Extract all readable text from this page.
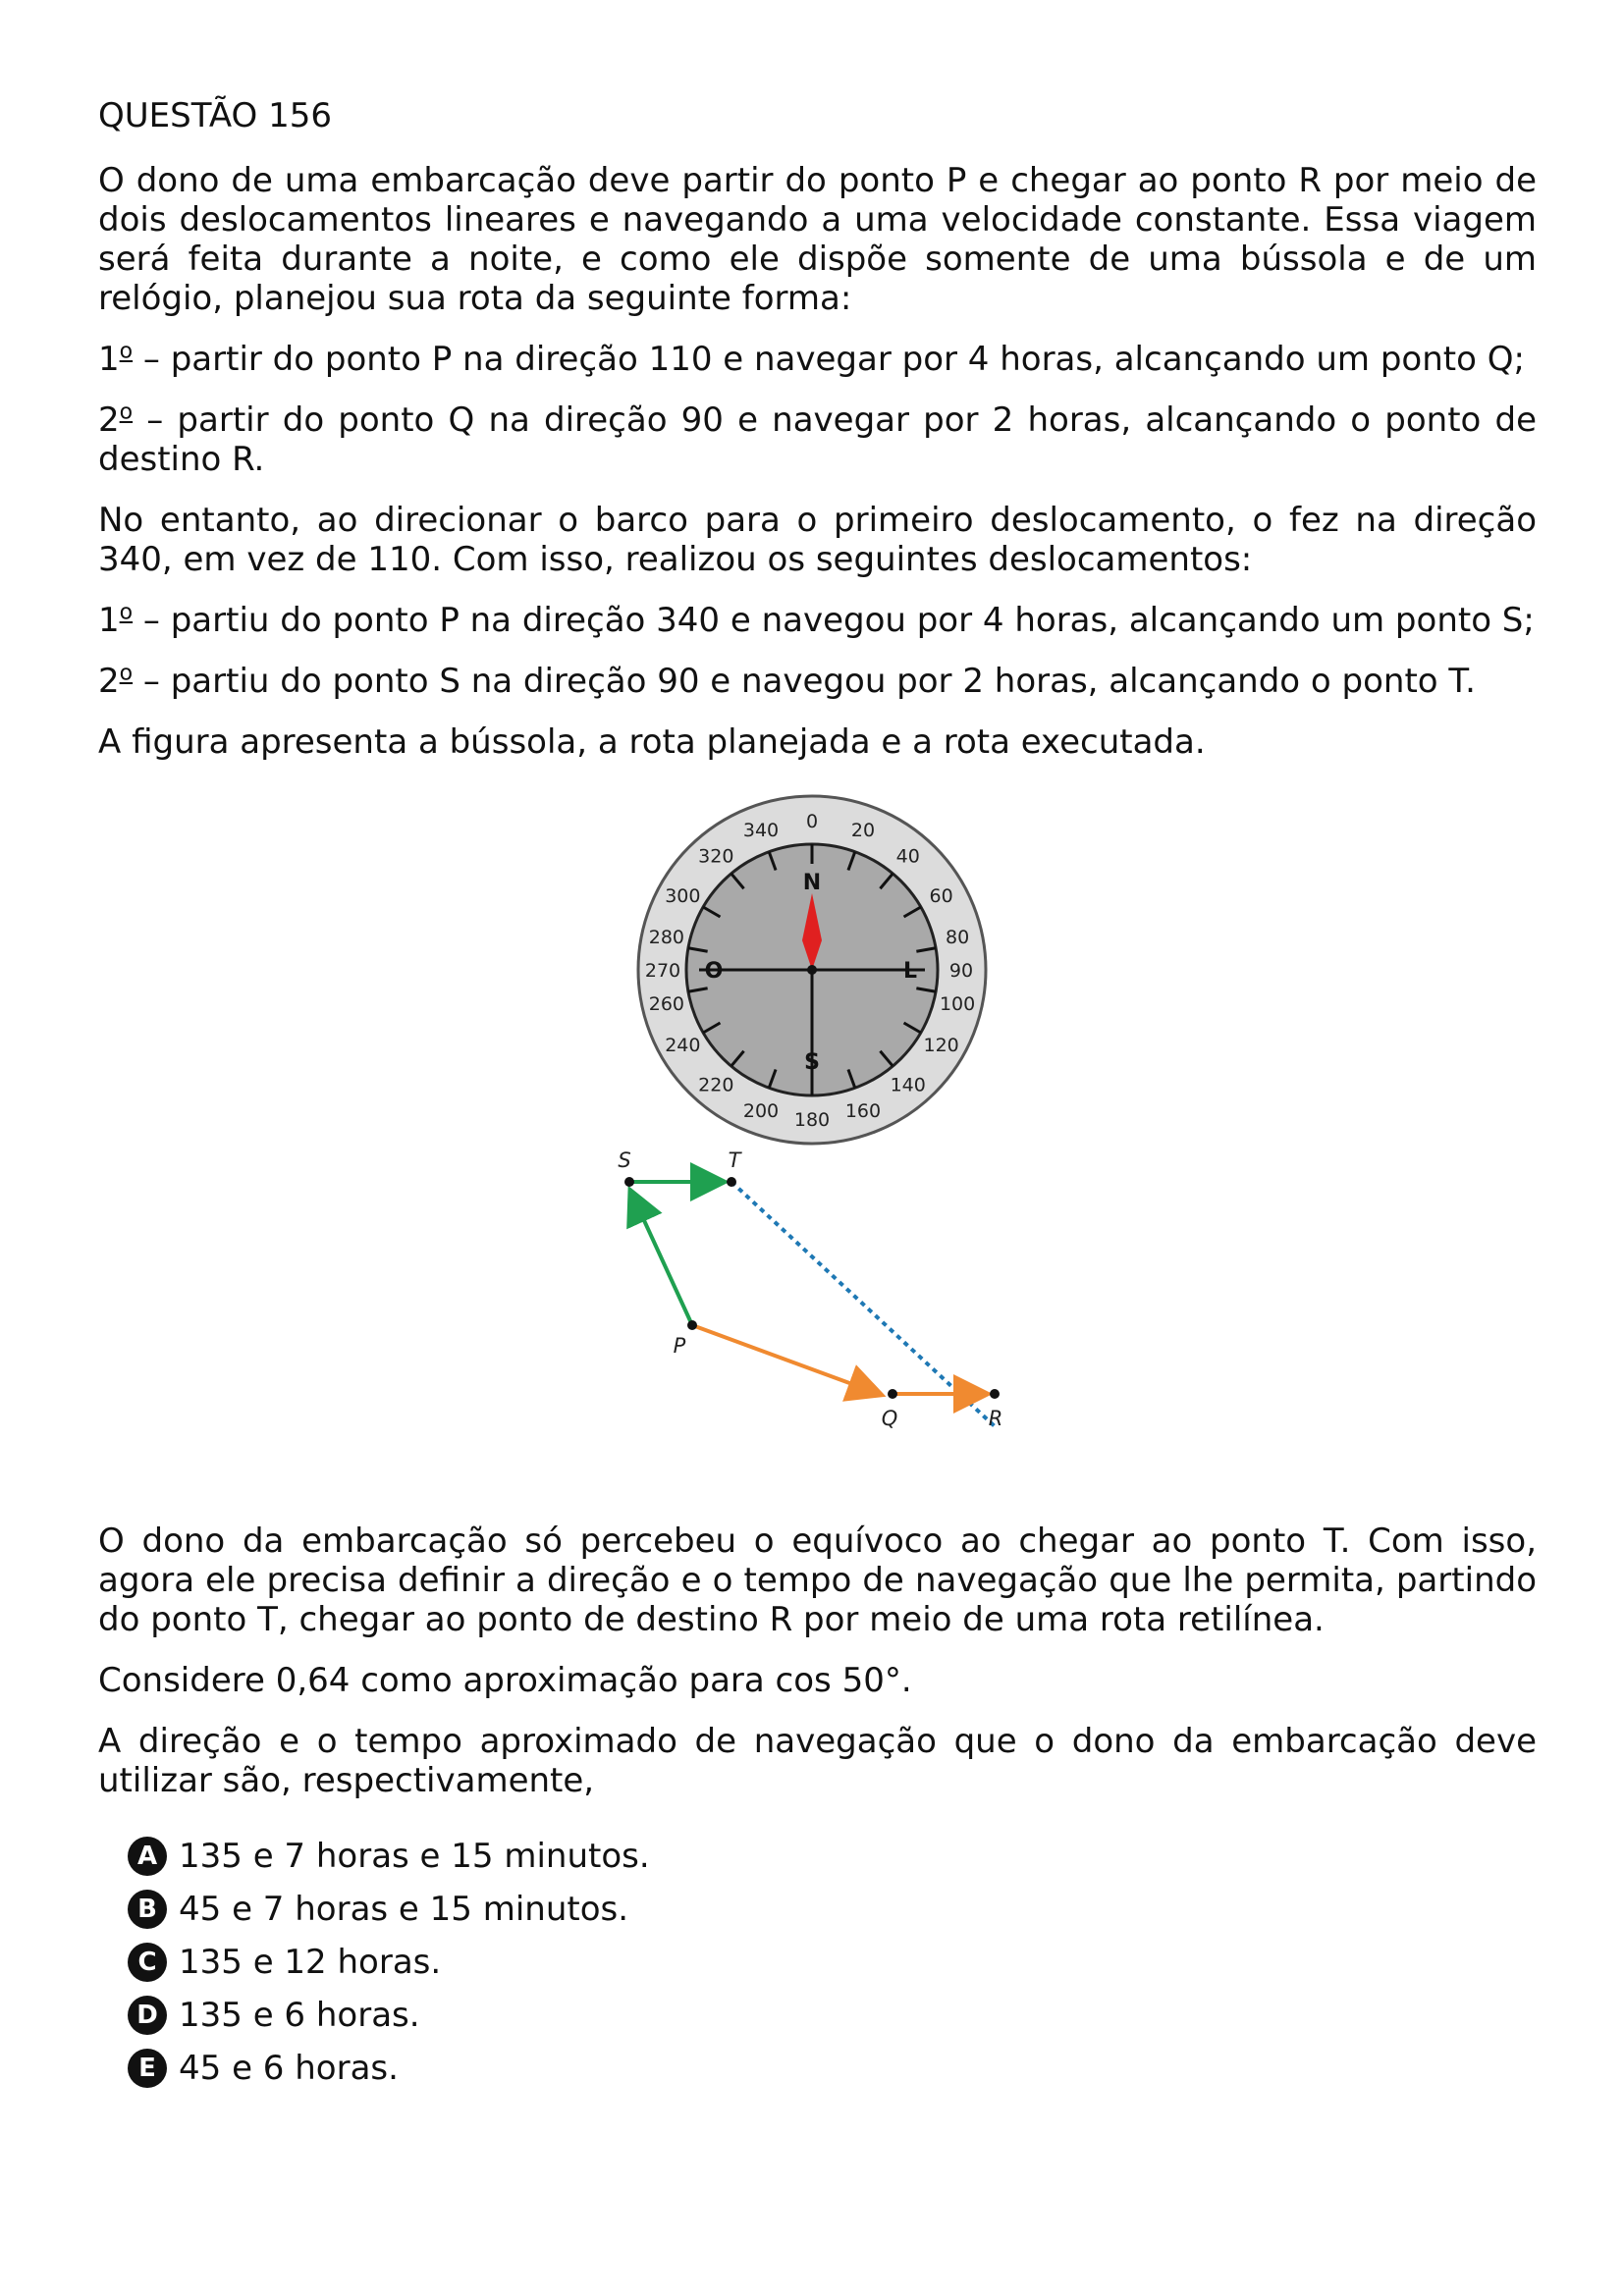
QUESTÃO 156

O dono de uma embarcação deve partir do ponto P e chegar ao ponto R por meio de dois deslocamentos lineares e navegando a uma velocidade constante. Essa viagem será feita durante a noite, e como ele dispõe somente de uma bússola e de um relógio, planejou sua rota da seguinte forma:

1$^o$ – partir do ponto P na direção 110 e navegar por 4 horas, alcançando um ponto Q;

2$^o$ – partir do ponto Q na direção 90 e navegar por 2 horas, alcançando o ponto de destino R.

No entanto, ao direcionar o barco para o primeiro deslocamento, o fez na direção 340, em vez de 110. Com isso, realizou os seguintes deslocamentos:

1$^o$ – partiu do ponto P na direção 340 e navegou por 4 horas, alcançando um ponto S;

2$^o$ – partiu do ponto S na direção 90 e navegou por 2 horas, alcançando o ponto T.

A figura apresenta a bússola, a rota planejada e a rota executada.

0 20
40
60
80
90
100
120
140
160
180
200
220
240
260
270
280
300
320
340
N
S
L
O
S	T
P
Q	R

O dono da embarcação só percebeu o equívoco ao chegar ao ponto T. Com isso, agora ele precisa definir a direção e o tempo de navegação que lhe permita, partindo do ponto T, chegar ao ponto de destino R por meio de uma rota retilínea.

Considere 0,64 como aproximação para cos 50°.

A direção e o tempo aproximado de navegação que o dono da embarcação deve utilizar são, respectivamente,

A 135 e 7 horas e 15 minutos.
B 45 e 7 horas e 15 minutos.
C 135 e 12 horas.
D 135 e 6 horas.
E 45 e 6 horas.
